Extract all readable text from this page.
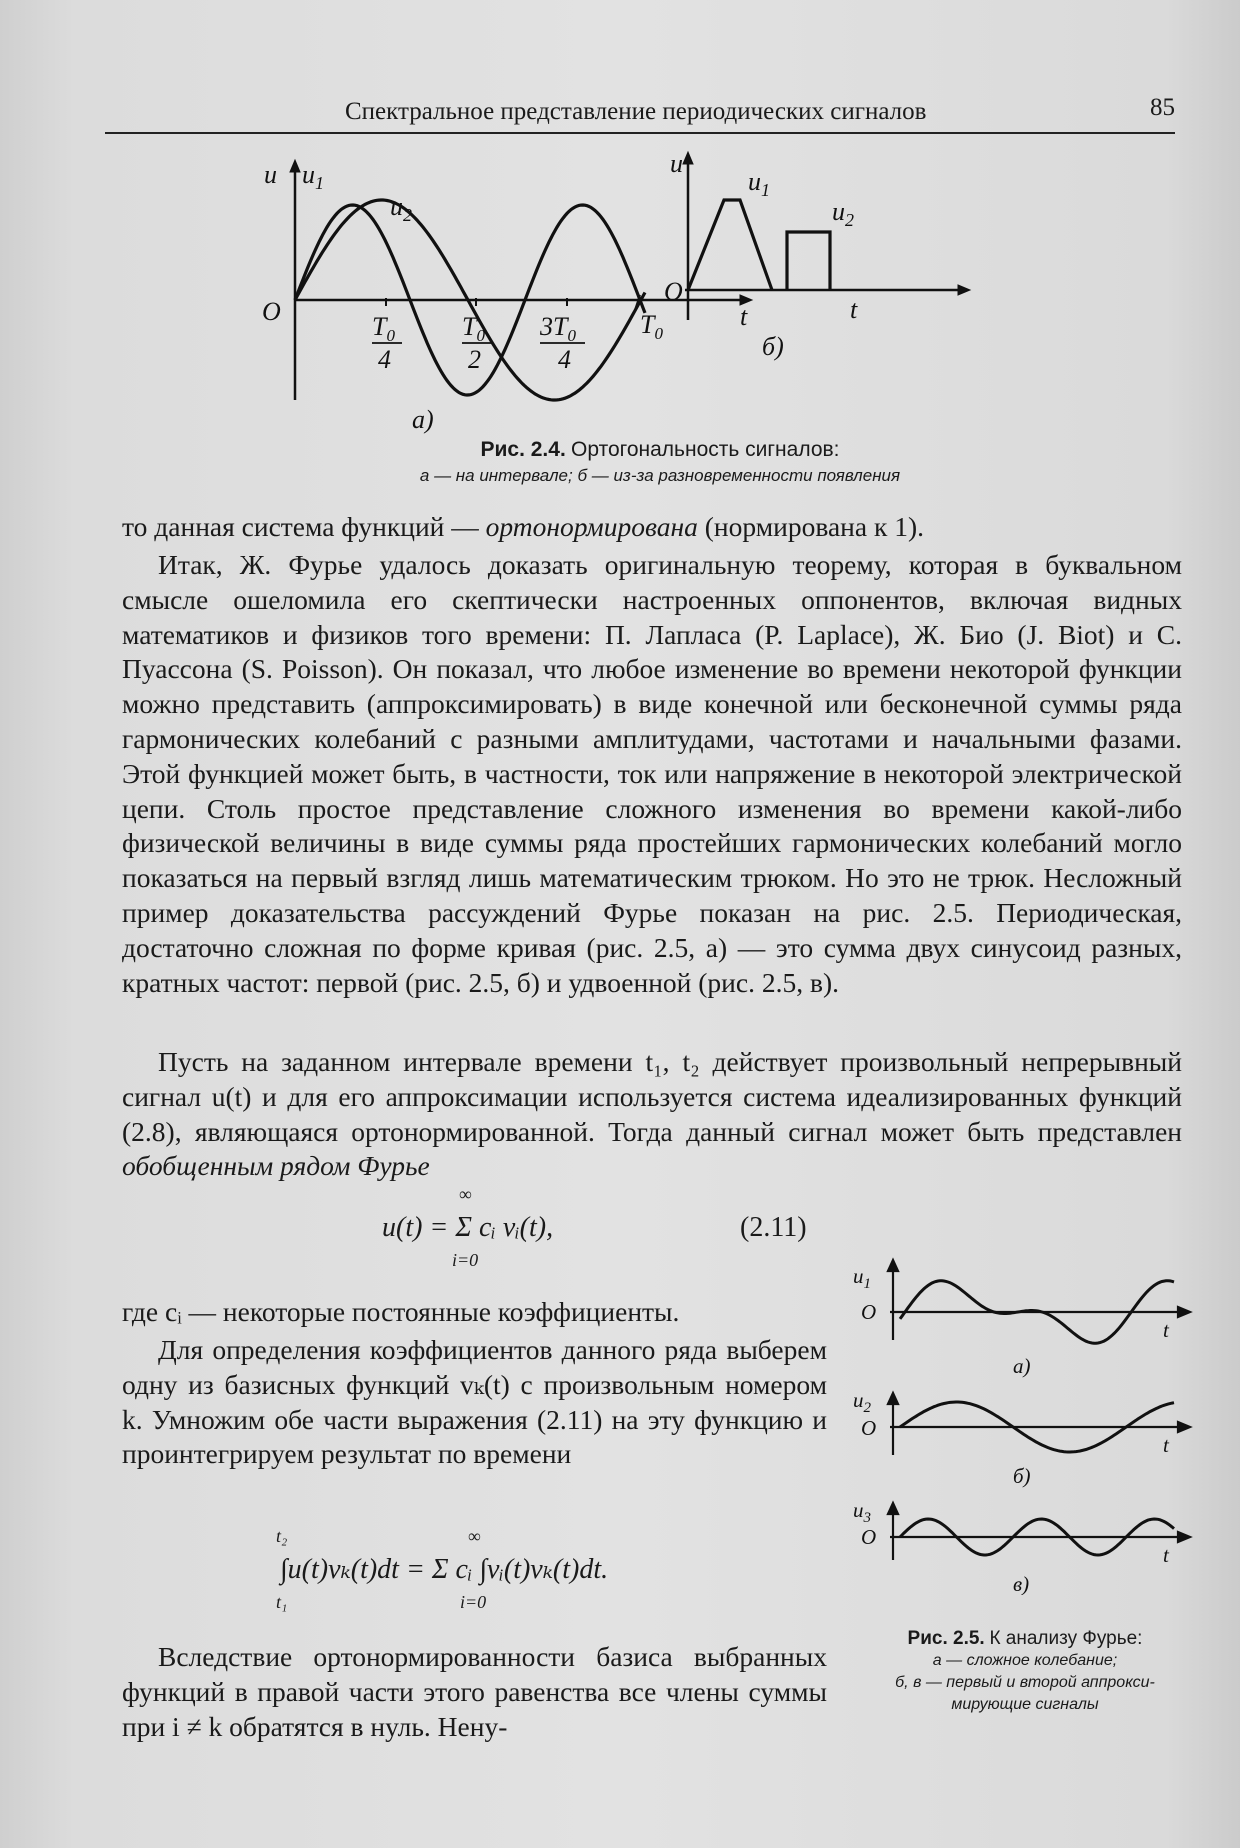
Спектральное представление периодических сигналов	85
u
t
O
$u_1$
$u_2$
$T_0$
4
$T_0$
2
$3T_0$
4
$T_0$
а)
u
O
t
$u_1$
$u_2$
б)
Рис. 2.4. Ортогональность сигналов:
а — на интервале; б — из-за разновременности появления
то данная система функций — ортонормирована (нормирована к 1).
Итак, Ж. Фурье удалось доказать оригинальную теорему, которая в буквальном смысле ошеломила его скептически настроенных оппонентов, включая видных математиков и физиков того времени: П. Лапласа (P. Laplace), Ж. Био (J. Biot) и С. Пуассона (S. Poisson). Он показал, что любое изменение во времени некоторой функции можно представить (аппроксимировать) в виде конечной или бесконечной суммы ряда гармонических колебаний с разными амплитудами, частотами и начальными фазами. Этой функцией может быть, в частности, ток или напряжение в некоторой электрической цепи. Столь простое представление сложного изменения во времени какой-либо физической величины в виде суммы ряда простейших гармонических колебаний могло показаться на первый взгляд лишь математическим трюком. Но это не трюк. Несложный пример доказательства рассуждений Фурье показан на рис. 2.5. Периодическая, достаточно сложная по форме кривая (рис. 2.5, а) — это сумма двух синусоид разных, кратных частот: первой (рис. 2.5, б) и удвоенной (рис. 2.5, в).
Пусть на заданном интервале времени t₁, t₂ действует произвольный непрерывный сигнал u(t) и для его аппроксимации используется система идеализированных функций (2.8), являющаяся ортонормированной. Тогда данный сигнал может быть представлен обобщенным рядом Фурье
u(t) = Σ cᵢ vᵢ(t),
∞
i=0
(2.11)
где cᵢ — некоторые постоянные коэффициенты.
Для определения коэффициентов данного ряда выберем одну из базисных функций vₖ(t) с произвольным номером k. Умножим обе части выражения (2.11) на эту функцию и проинтегрируем результат по времени
∫u(t)vₖ(t)dt = Σ cᵢ ∫vᵢ(t)vₖ(t)dt.
t₂
t₁
∞
i=0
Вследствие ортонормированности базиса выбранных функций в правой части этого равенства все члены суммы при i ≠ k обратятся в нуль. Нену-
$u_1$
O
t
а)
$u_2$
O
t
б)
$u_3$
O
t
в)
Рис. 2.5. К анализу Фурье:
а — сложное колебание;
б, в — первый и второй аппрокси-
мирующие сигналы
